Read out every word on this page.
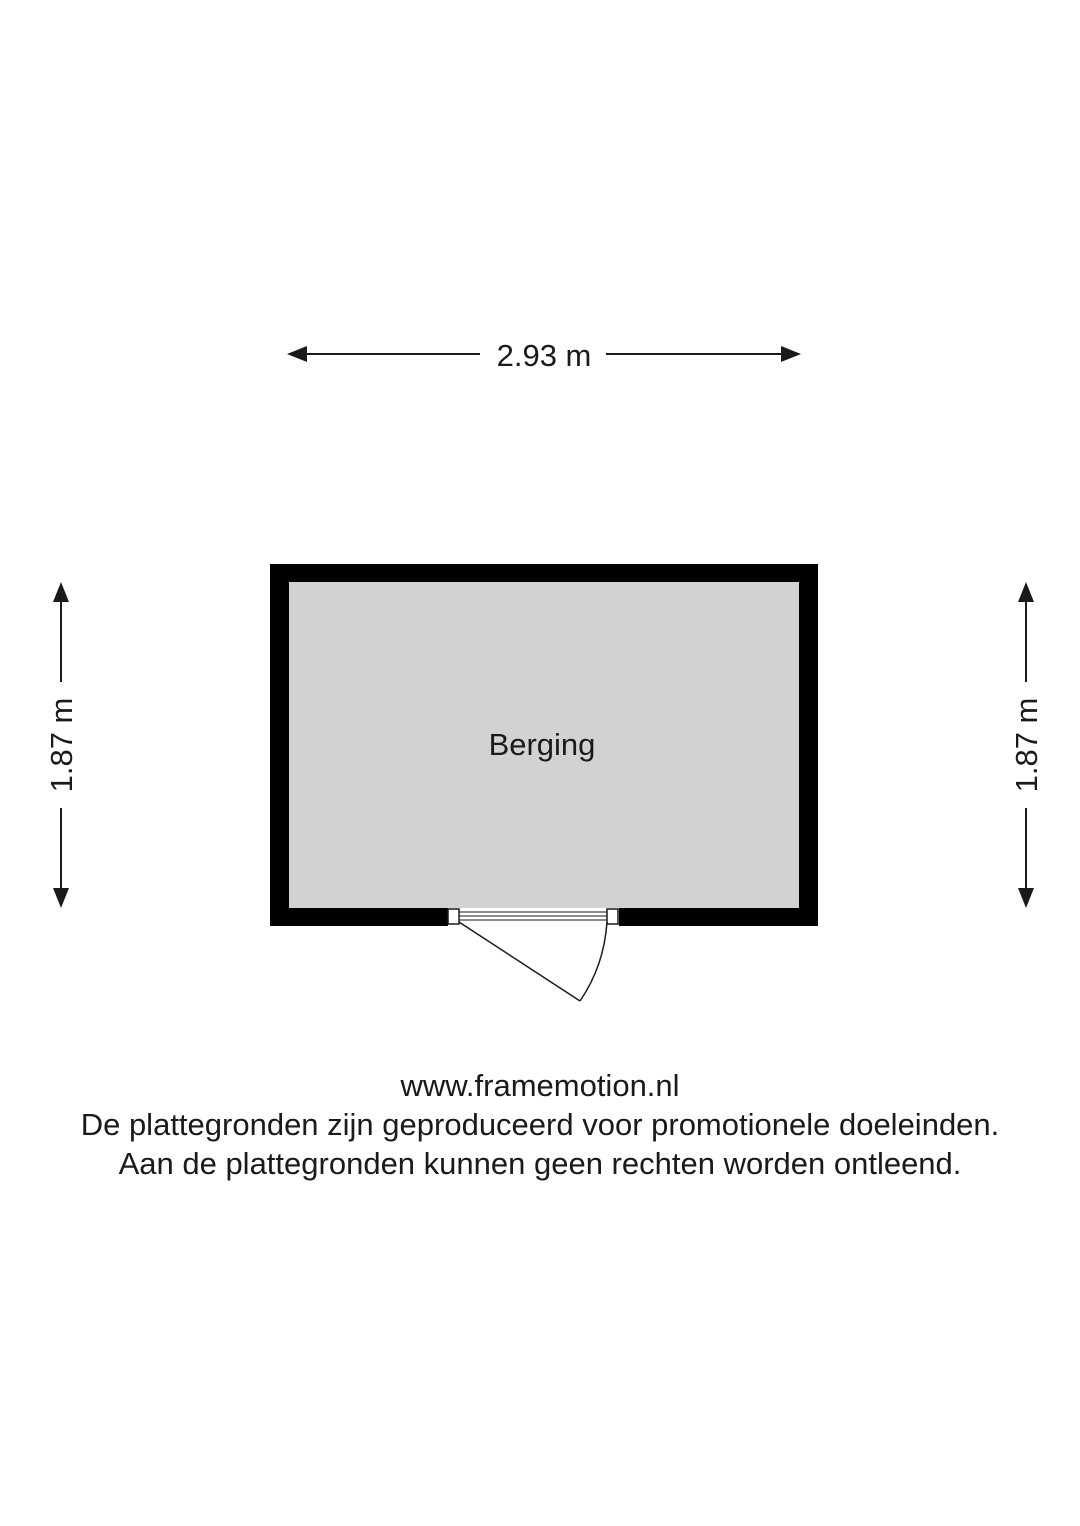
2.93 m
1.87 m	1.87 m
Berging
www.framemotion.nl
De plattegronden zijn geproduceerd voor promotionele doeleinden.
Aan de plattegronden kunnen geen rechten worden ontleend.
